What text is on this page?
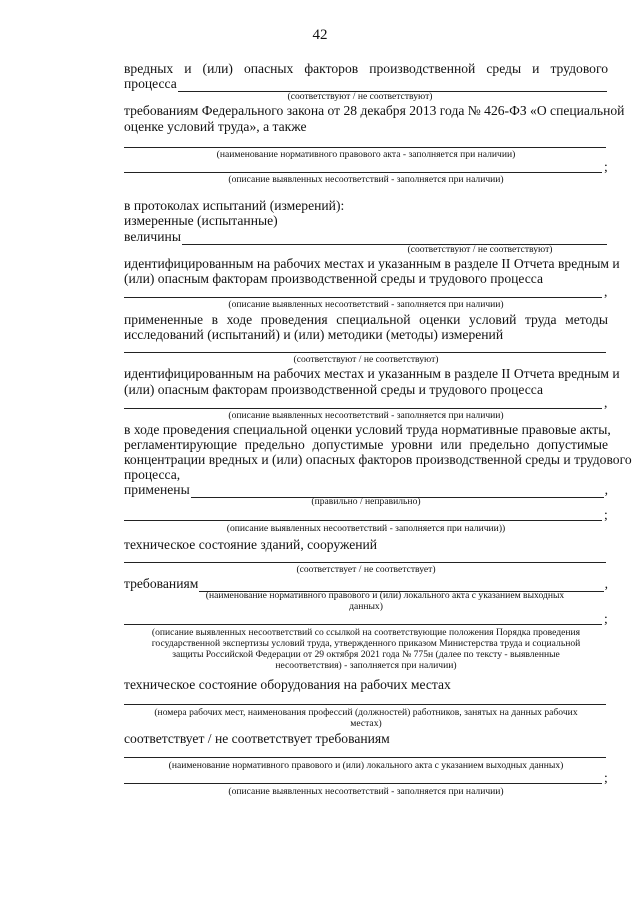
42
вредных и (или) опасных факторов производственной среды и трудового
процесса
(соответствуют / не соответствуют)
требованиям Федерального закона от 28 декабря 2013 года № 426-ФЗ «О специальной
оценке условий труда», а также
(наименование нормативного правового акта - заполняется при наличии)
;
(описание выявленных несоответствий - заполняется при наличии)
в протоколах испытаний (измерений):
измеренные (испытанные)
величины
(соответствуют / не соответствуют)
идентифицированным на рабочих местах и указанным в разделе II Отчета вредным и
(или) опасным факторам производственной среды и трудового процесса
,
(описание выявленных несоответствий - заполняется при наличии)
примененные в ходе проведения специальной оценки условий труда методы
исследований (испытаний) и (или) методики (методы) измерений
(соответствуют / не соответствуют)
идентифицированным на рабочих местах и указанным в разделе II Отчета вредным и
(или) опасным факторам производственной среды и трудового процесса
,
(описание выявленных несоответствий - заполняется при наличии)
в ходе проведения специальной оценки условий труда нормативные правовые акты,
регламентирующие предельно допустимые уровни или предельно допустимые
концентрации вредных и (или) опасных факторов производственной среды и трудового
процесса,
применены	,
(правильно / неправильно)
;
(описание выявленных несоответствий - заполняется при наличии))
техническое состояние зданий, сооружений
(соответствует / не соответствует)
требованиям	,
(наименование нормативного правового и (или) локального акта с указанием выходных
данных)
;
(описание выявленных несоответствий со ссылкой на соответствующие положения Порядка проведения
государственной экспертизы условий труда, утвержденного приказом Министерства труда и социальной
защиты Российской Федерации от 29 октября 2021 года № 775н (далее по тексту - выявленные
несоответствия) - заполняется при наличии)
техническое состояние оборудования на рабочих местах
(номера рабочих мест, наименования профессий (должностей) работников, занятых на данных рабочих
местах)
соответствует / не соответствует требованиям
(наименование нормативного правового и (или) локального акта с указанием выходных данных)
;
(описание выявленных несоответствий - заполняется при наличии)
